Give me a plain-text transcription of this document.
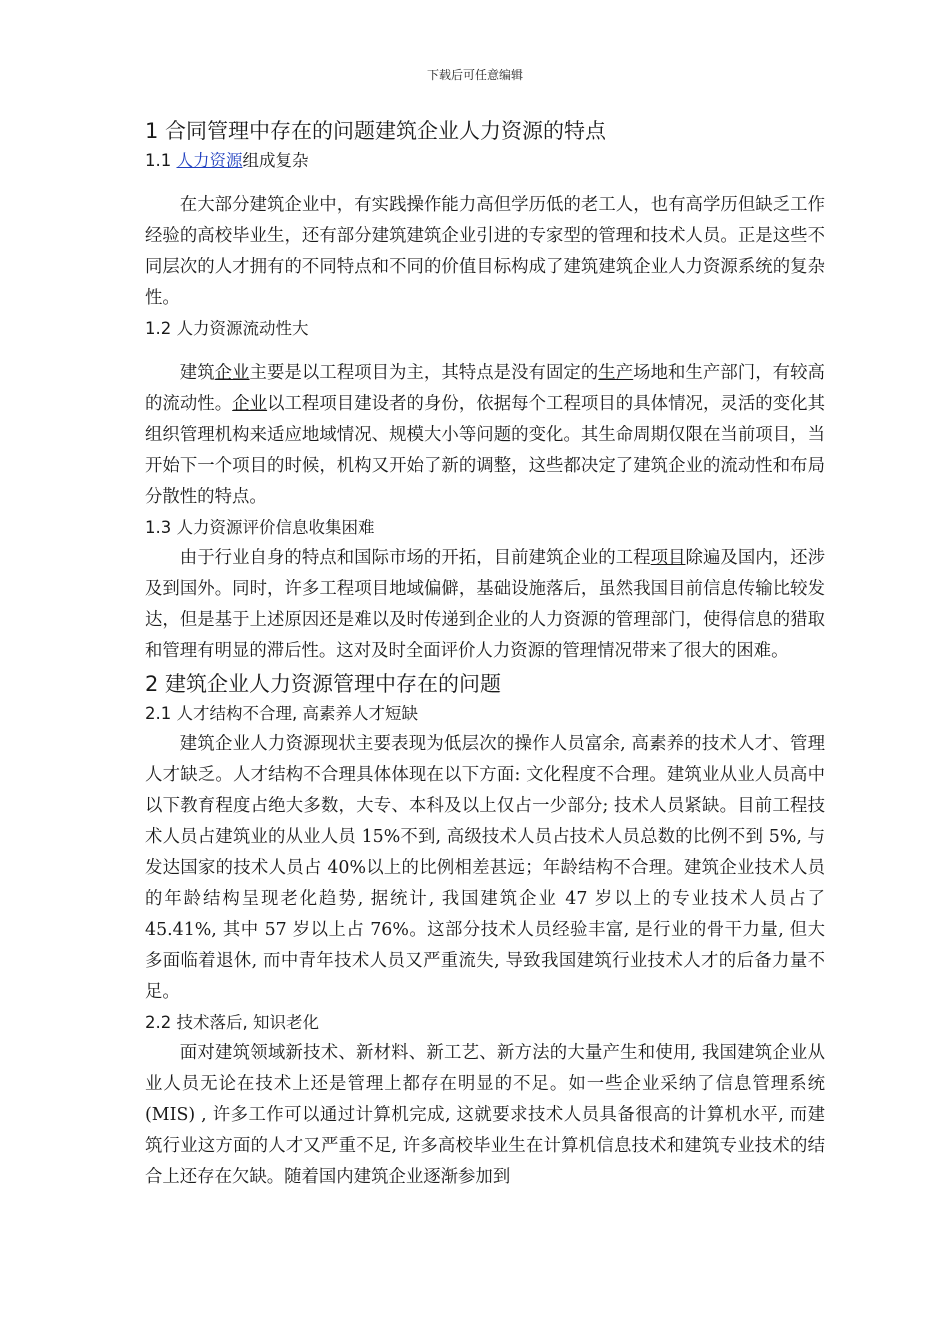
下载后可任意编辑
1 合同管理中存在的问题建筑企业人力资源的特点
1.1 人力资源组成复杂

在大部分建筑企业中，有实践操作能力高但学历低的老工人，也有高学历但缺乏工作经验的高校毕业生，还有部分建筑建筑企业引进的专家型的管理和技术人员。正是这些不同层次的人才拥有的不同特点和不同的价值目标构成了建筑建筑企业人力资源系统的复杂性。

1.2 人力资源流动性大

建筑企业主要是以工程项目为主，其特点是没有固定的生产场地和生产部门，有较高的流动性。企业以工程项目建设者的身份，依据每个工程项目的具体情况，灵活的变化其组织管理机构来适应地域情况、规模大小等问题的变化。其生命周期仅限在当前项目，当开始下一个项目的时候，机构又开始了新的调整，这些都决定了建筑企业的流动性和布局分散性的特点。

1.3 人力资源评价信息收集困难

由于行业自身的特点和国际市场的开拓，目前建筑企业的工程项目除遍及国内，还涉及到国外。同时，许多工程项目地域偏僻，基础设施落后，虽然我国目前信息传输比较发达，但是基于上述原因还是难以及时传递到企业的人力资源的管理部门，使得信息的猎取和管理有明显的滞后性。这对及时全面评价人力资源的管理情况带来了很大的困难。

2 建筑企业人力资源管理中存在的问题
2.1 人才结构不合理, 高素养人才短缺

建筑企业人力资源现状主要表现为低层次的操作人员富余, 高素养的技术人才、管理人才缺乏。人才结构不合理具体体现在以下方面: 文化程度不合理。建筑业从业人员高中以下教育程度占绝大多数，大专、本科及以上仅占一少部分; 技术人员紧缺。目前工程技术人员占建筑业的从业人员 15%不到, 高级技术人员占技术人员总数的比例不到 5%, 与发达国家的技术人员占 40%以上的比例相差甚远；年龄结构不合理。建筑企业技术人员的年龄结构呈现老化趋势, 据统计, 我国建筑企业 47 岁以上的专业技术人员占了 45.41%, 其中 57 岁以上占 76%。这部分技术人员经验丰富, 是行业的骨干力量, 但大多面临着退休, 而中青年技术人员又严重流失, 导致我国建筑行业技术人才的后备力量不足。

2.2 技术落后, 知识老化

面对建筑领域新技术、新材料、新工艺、新方法的大量产生和使用, 我国建筑企业从业人员无论在技术上还是管理上都存在明显的不足。如一些企业采纳了信息管理系统(MIS) , 许多工作可以通过计算机完成, 这就要求技术人员具备很高的计算机水平, 而建筑行业这方面的人才又严重不足, 许多高校毕业生在计算机信息技术和建筑专业技术的结合上还存在欠缺。随着国内建筑企业逐渐参加到
